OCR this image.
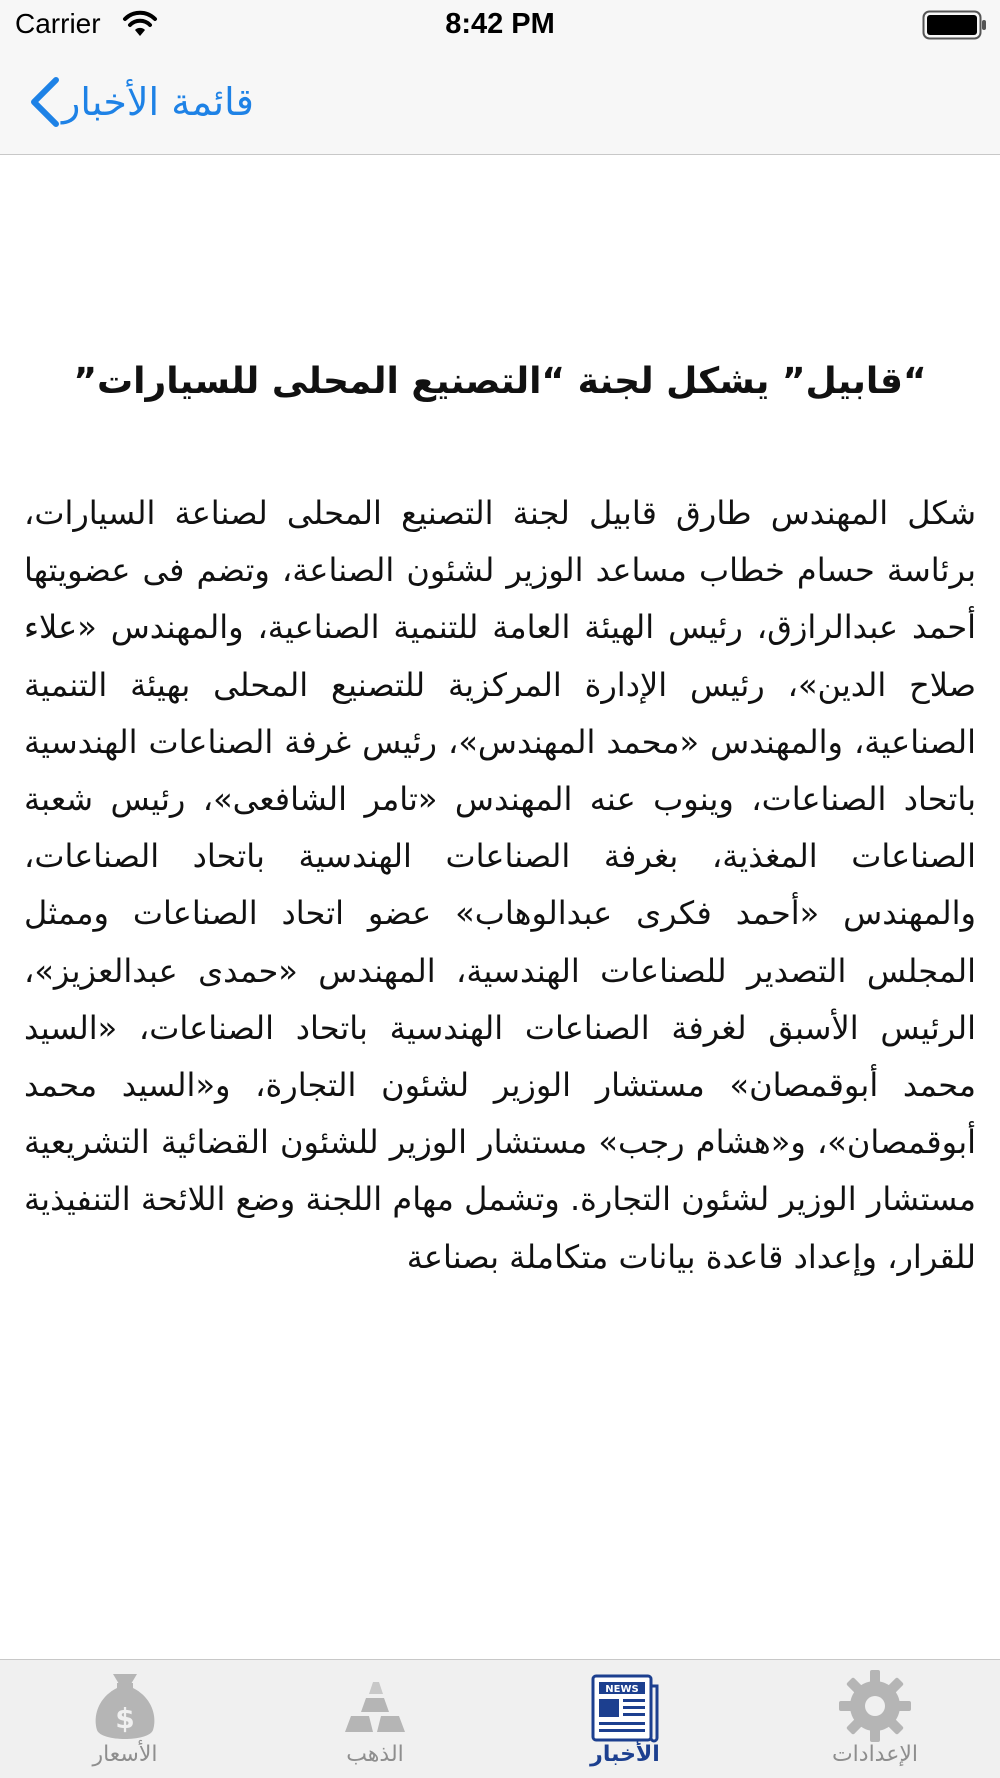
Carrier	8:42 PM
قائمة الأخبار
“قابيل” يشكل لجنة “التصنيع المحلى للسيارات”

شكل المهندس طارق قابيل لجنة التصنيع المحلى لصناعة السيارات، برئاسة حسام خطاب مساعد الوزير لشئون الصناعة، وتضم فى عضويتها أحمد عبدالرازق، رئيس الهيئة العامة للتنمية الصناعية، والمهندس «علاء صلاح الدين»، رئيس الإدارة المركزية للتصنيع المحلى بهيئة التنمية الصناعية، والمهندس «محمد المهندس»، رئيس غرفة الصناعات الهندسية باتحاد الصناعات، وينوب عنه المهندس «تامر الشافعى»، رئيس شعبة الصناعات المغذية، بغرفة الصناعات الهندسية باتحاد الصناعات، والمهندس «أحمد فكرى عبدالوهاب» عضو اتحاد الصناعات وممثل المجلس التصدير للصناعات الهندسية، المهندس «حمدى عبدالعزيز»، الرئيس الأسبق لغرفة الصناعات الهندسية باتحاد الصناعات، «السيد محمد أبوقمصان» مستشار الوزير لشئون التجارة، و«السيد محمد أبوقمصان»، و«هشام رجب» مستشار الوزير للشئون القضائية التشريعية مستشار الوزير لشئون التجارة. وتشمل مهام اللجنة وضع اللائحة التنفيذية للقرار، وإعداد قاعدة بيانات متكاملة بصناعة

$
الأسعار	الذهب
NEWS
الأخبار	الإعدادات
